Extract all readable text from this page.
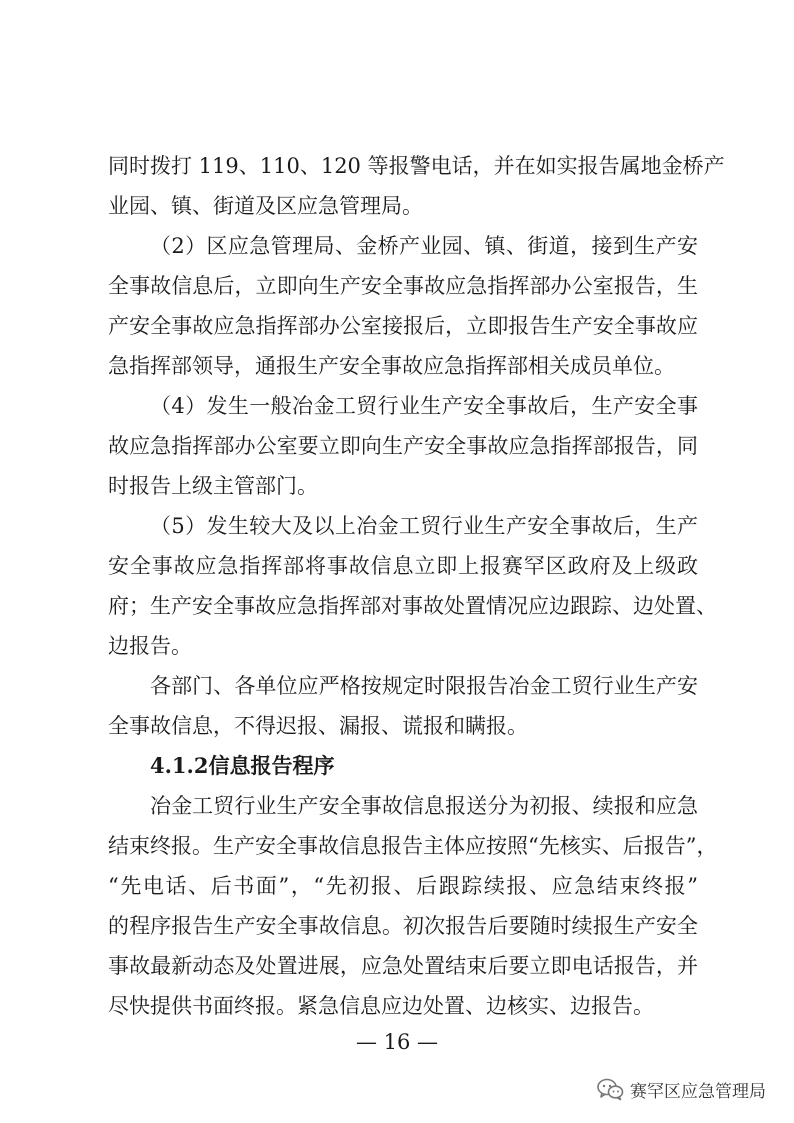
同时拨打 119、110、120 等报警电话，并在如实报告属地金桥产
业园、镇、街道及区应急管理局。
（2）区应急管理局、金桥产业园、镇、街道，接到生产安
全事故信息后，立即向生产安全事故应急指挥部办公室报告，生
产安全事故应急指挥部办公室接报后，立即报告生产安全事故应
急指挥部领导，通报生产安全事故应急指挥部相关成员单位。
（4）发生一般冶金工贸行业生产安全事故后，生产安全事
故应急指挥部办公室要立即向生产安全事故应急指挥部报告，同
时报告上级主管部门。
（5）发生较大及以上冶金工贸行业生产安全事故后，生产
安全事故应急指挥部将事故信息立即上报赛罕区政府及上级政
府；生产安全事故应急指挥部对事故处置情况应边跟踪、边处置、
边报告。
各部门、各单位应严格按规定时限报告冶金工贸行业生产安
全事故信息，不得迟报、漏报、谎报和瞒报。
4.1.2信息报告程序
冶金工贸行业生产安全事故信息报送分为初报、续报和应急
结束终报。生产安全事故信息报告主体应按照“先核实、后报告”，
“先电话、后书面”，“先初报、后跟踪续报、应急结束终报”
的程序报告生产安全事故信息。初次报告后要随时续报生产安全
事故最新动态及处置进展，应急处置结束后要立即电话报告，并
尽快提供书面终报。紧急信息应边处置、边核实、边报告。
— 16 —
赛罕区应急管理局
